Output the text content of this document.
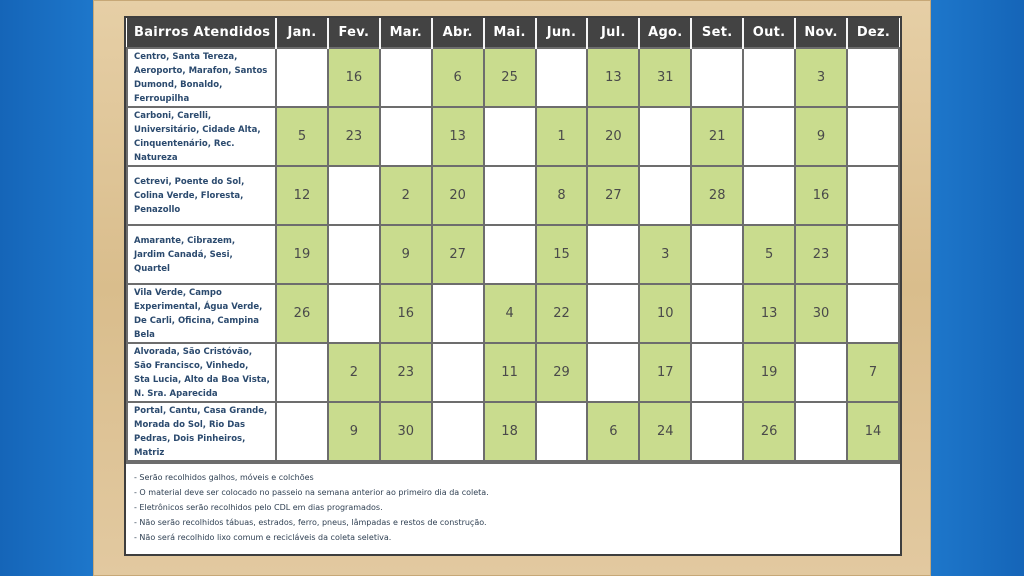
Bairros Atendidos	Jan.	Fev.	Mar.	Abr.	Mai.	Jun.	Jul.	Ago.	Set.	Out.	Nov.	Dez.
Centro, Santa Tereza,
Aeroporto, Marafon, Santos
Dumond, Bonaldo, Ferroupilha		16		6	25		13	31			3	
Carboni, Carelli,
Universitário, Cidade Alta,
Cinquentenário, Rec. Natureza	5	23		13		1	20		21		9	
Cetrevi, Poente do Sol,
Colina Verde, Floresta,
Penazollo	12		2	20		8	27		28		16	
Amarante, Cibrazem,
Jardim Canadá, Sesi,
Quartel	19		9	27		15		3		5	23	
Vila Verde, Campo
Experimental, Água Verde,
De Carli, Oficina, Campina
Bela	26		16		4	22		10		13	30	
Alvorada, São Cristóvão,
São Francisco, Vinhedo,
Sta Lucia, Alto da Boa Vista,
N. Sra. Aparecida		2	23		11	29		17		19		7
Portal, Cantu, Casa Grande,
Morada do Sol, Rio Das
Pedras, Dois Pinheiros, Matriz		9	30		18		6	24		26		14
- Serão recolhidos galhos, móveis e colchões
- O material deve ser colocado no passeio na semana anterior ao primeiro dia da coleta.
- Eletrônicos serão recolhidos pelo CDL em dias programados.
- Não serão recolhidos tábuas, estrados, ferro, pneus, lâmpadas e restos de construção.
- Não será recolhido lixo comum e recicláveis da coleta seletiva.
